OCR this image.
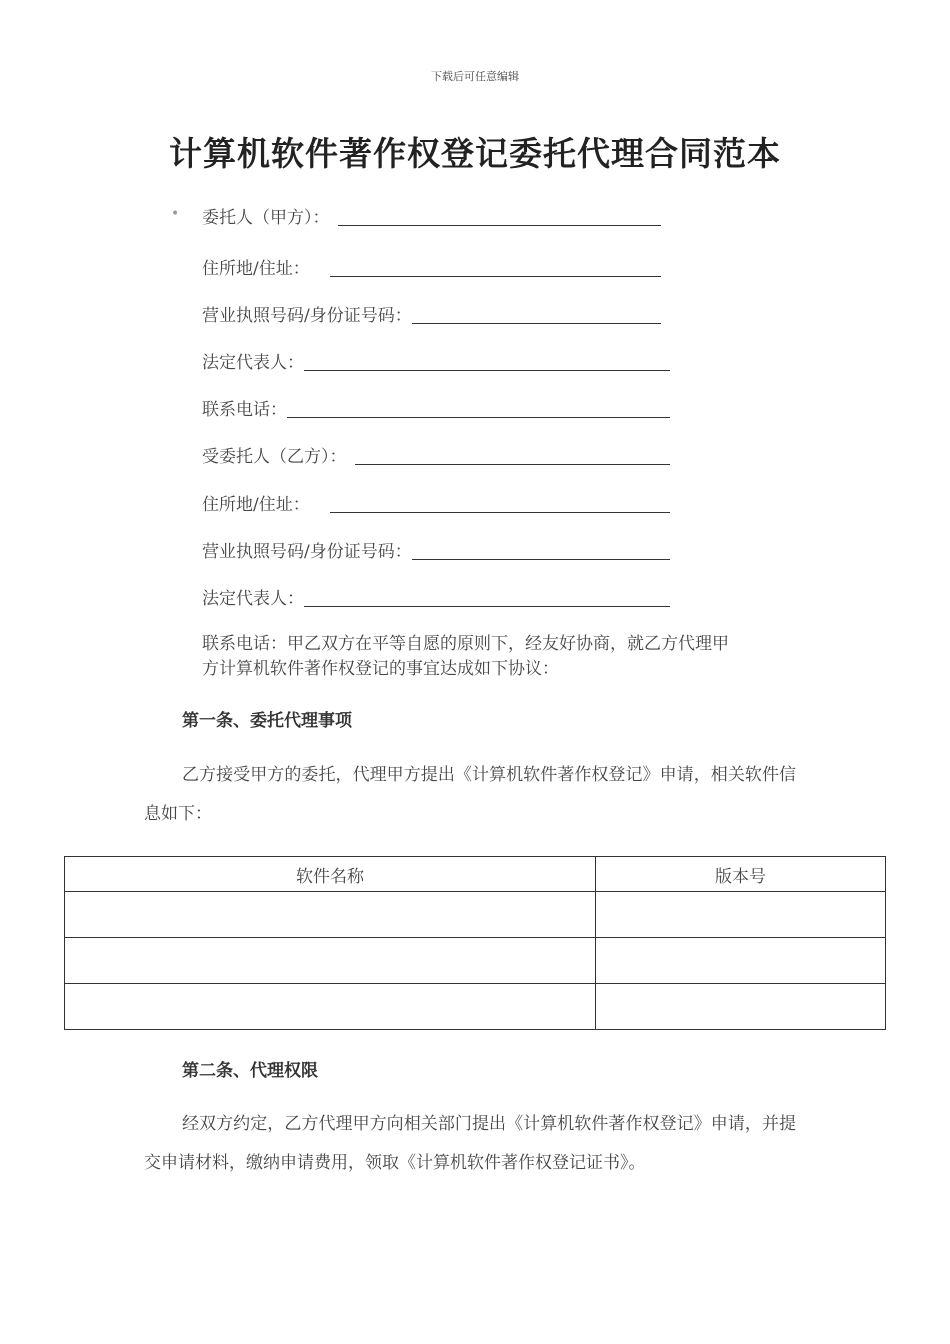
下载后可任意编辑
计算机软件著作权登记委托代理合同范本
• 委托人（甲方）：
住所地/住址：
营业执照号码/身份证号码：
法定代表人：
联系电话：
受委托人（乙方）：
住所地/住址：
营业执照号码/身份证号码：
法定代表人：

联系电话：甲乙双方在平等自愿的原则下，经友好协商，就乙方代理甲
方计算机软件著作权登记的事宜达成如下协议：

第一条、委托代理事项

乙方接受甲方的委托，代理甲方提出《计算机软件著作权登记》申请，相关软件信息如下：

软件名称	版本号

第二条、代理权限

经双方约定，乙方代理甲方向相关部门提出《计算机软件著作权登记》申请，并提交申请材料，缴纳申请费用，领取《计算机软件著作权登记证书》。
